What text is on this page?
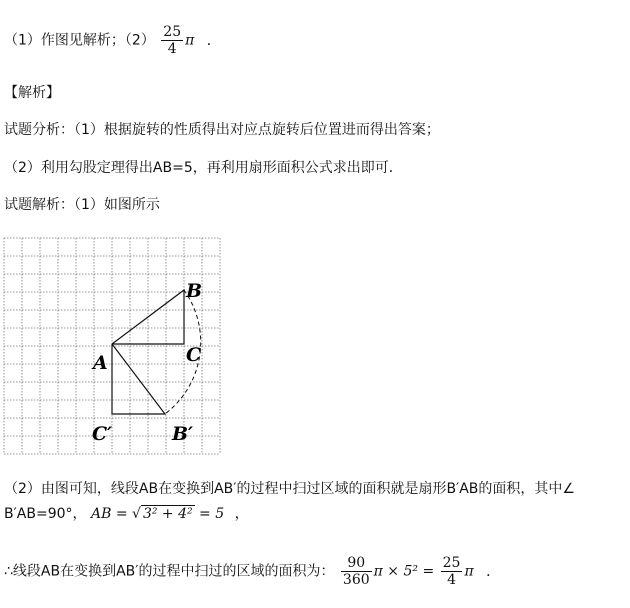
（1）作图见解析；$(2) \frac{25}{4}$ π ．
【解析】
试题分析：（1）根据旋转的性质得出对应点旋转后位置进而得出答案；
（2）利用勾股定理得出AB=5，再利用扇形面积公式求出即可．
试题解析：（1）如图所示
B
A	C
C′	B′
（2）由图可知，线段AB在变换到AB′的过程中扫过区域的面积就是扇形B′AB的面积，其中∠
B′AB=90°， AB = √ 3² + 4² = 5 ，
∴线段AB在变换到AB′的过程中扫过的区域的面积为： $\frac{90}{360}$ $\pi \times 5^2 = \frac{25}{4}$ π ．
